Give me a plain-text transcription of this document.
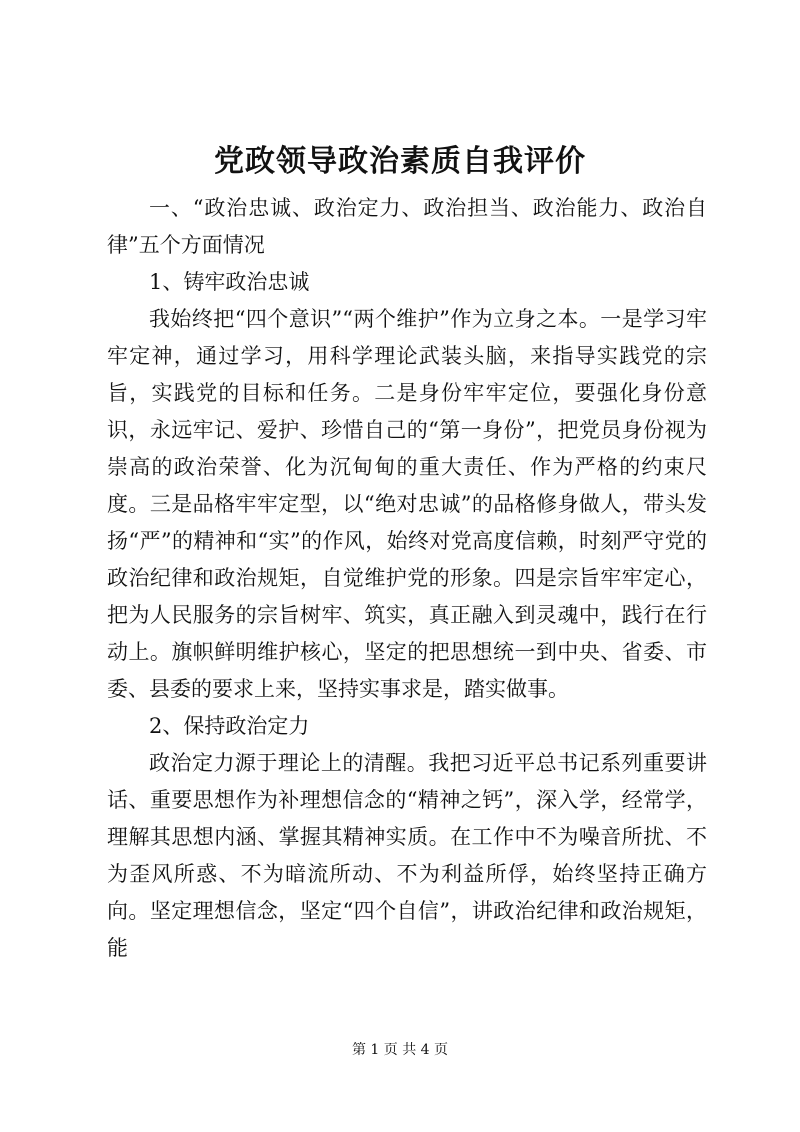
党政领导政治素质自我评价

一、“政治忠诚、政治定力、政治担当、政治能力、政治自律”五个方面情况

1、铸牢政治忠诚

我始终把“四个意识”“两个维护”作为立身之本。一是学习牢牢定神，通过学习，用科学理论武装头脑，来指导实践党的宗旨，实践党的目标和任务。二是身份牢牢定位，要强化身份意识，永远牢记、爱护、珍惜自己的“第一身份”，把党员身份视为崇高的政治荣誉、化为沉甸甸的重大责任、作为严格的约束尺度。三是品格牢牢定型，以“绝对忠诚”的品格修身做人，带头发扬“严”的精神和“实”的作风，始终对党高度信赖，时刻严守党的政治纪律和政治规矩，自觉维护党的形象。四是宗旨牢牢定心，把为人民服务的宗旨树牢、筑实，真正融入到灵魂中，践行在行动上。旗帜鲜明维护核心，坚定的把思想统一到中央、省委、市委、县委的要求上来，坚持实事求是，踏实做事。

2、保持政治定力

政治定力源于理论上的清醒。我把习近平总书记系列重要讲话、重要思想作为补理想信念的“精神之钙”，深入学，经常学，理解其思想内涵、掌握其精神实质。在工作中不为噪音所扰、不为歪风所惑、不为暗流所动、不为利益所俘，始终坚持正确方向。坚定理想信念，坚定“四个自信”，讲政治纪律和政治规矩，能

第 1 页 共 4 页
